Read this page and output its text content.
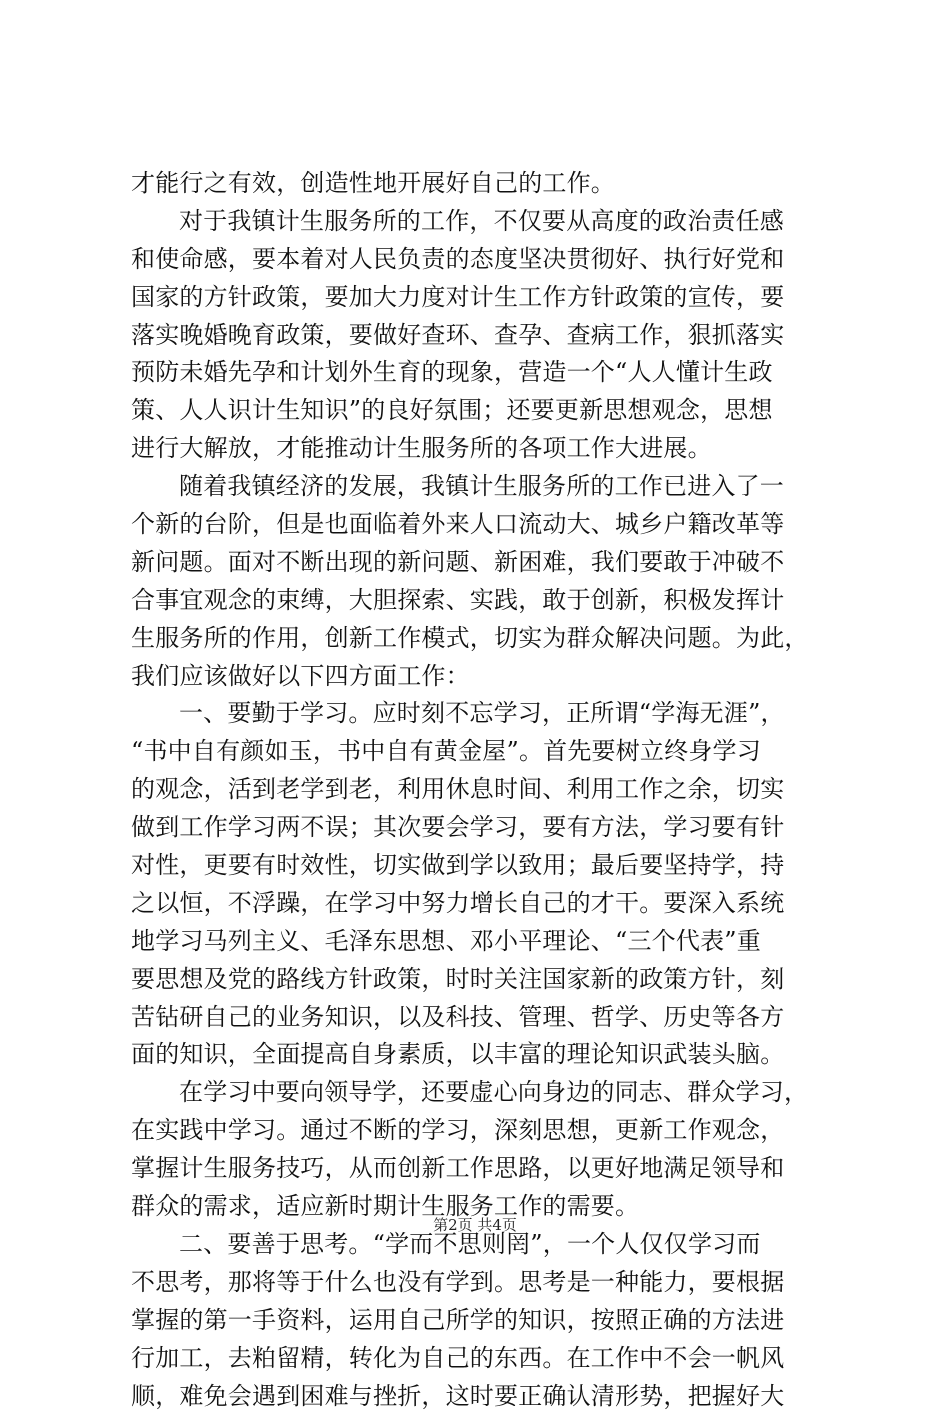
才能行之有效，创造性地开展好自己的工作。
对于我镇计生服务所的工作，不仅要从高度的政治责任感
和使命感，要本着对人民负责的态度坚决贯彻好、执行好党和
国家的方针政策，要加大力度对计生工作方针政策的宣传，要
落实晚婚晚育政策，要做好查环、查孕、查病工作，狠抓落实
预防未婚先孕和计划外生育的现象，营造一个“人人懂计生政
策、人人识计生知识”的良好氛围；还要更新思想观念，思想
进行大解放，才能推动计生服务所的各项工作大进展。
随着我镇经济的发展，我镇计生服务所的工作已进入了一
个新的台阶，但是也面临着外来人口流动大、城乡户籍改革等
新问题。面对不断出现的新问题、新困难，我们要敢于冲破不
合事宜观念的束缚，大胆探索、实践，敢于创新，积极发挥计
生服务所的作用，创新工作模式，切实为群众解决问题。为此，
我们应该做好以下四方面工作：
一、要勤于学习。应时刻不忘学习，正所谓“学海无涯”，
“书中自有颜如玉，书中自有黄金屋”。首先要树立终身学习
的观念，活到老学到老，利用休息时间、利用工作之余，切实
做到工作学习两不误；其次要会学习，要有方法，学习要有针
对性，更要有时效性，切实做到学以致用；最后要坚持学，持
之以恒，不浮躁，在学习中努力增长自己的才干。要深入系统
地学习马列主义、毛泽东思想、邓小平理论、“三个代表”重
要思想及党的路线方针政策，时时关注国家新的政策方针，刻
苦钻研自己的业务知识，以及科技、管理、哲学、历史等各方
面的知识，全面提高自身素质，以丰富的理论知识武装头脑。
在学习中要向领导学，还要虚心向身边的同志、群众学习，
在实践中学习。通过不断的学习，深刻思想，更新工作观念，
掌握计生服务技巧，从而创新工作思路，以更好地满足领导和
群众的需求，适应新时期计生服务工作的需要。
二、要善于思考。“学而不思则罔”，一个人仅仅学习而
不思考，那将等于什么也没有学到。思考是一种能力，要根据
掌握的第一手资料，运用自己所学的知识，按照正确的方法进
行加工，去粕留精，转化为自己的东西。在工作中不会一帆风
顺，难免会遇到困难与挫折，这时要正确认清形势，把握好大
第2页 共4页
